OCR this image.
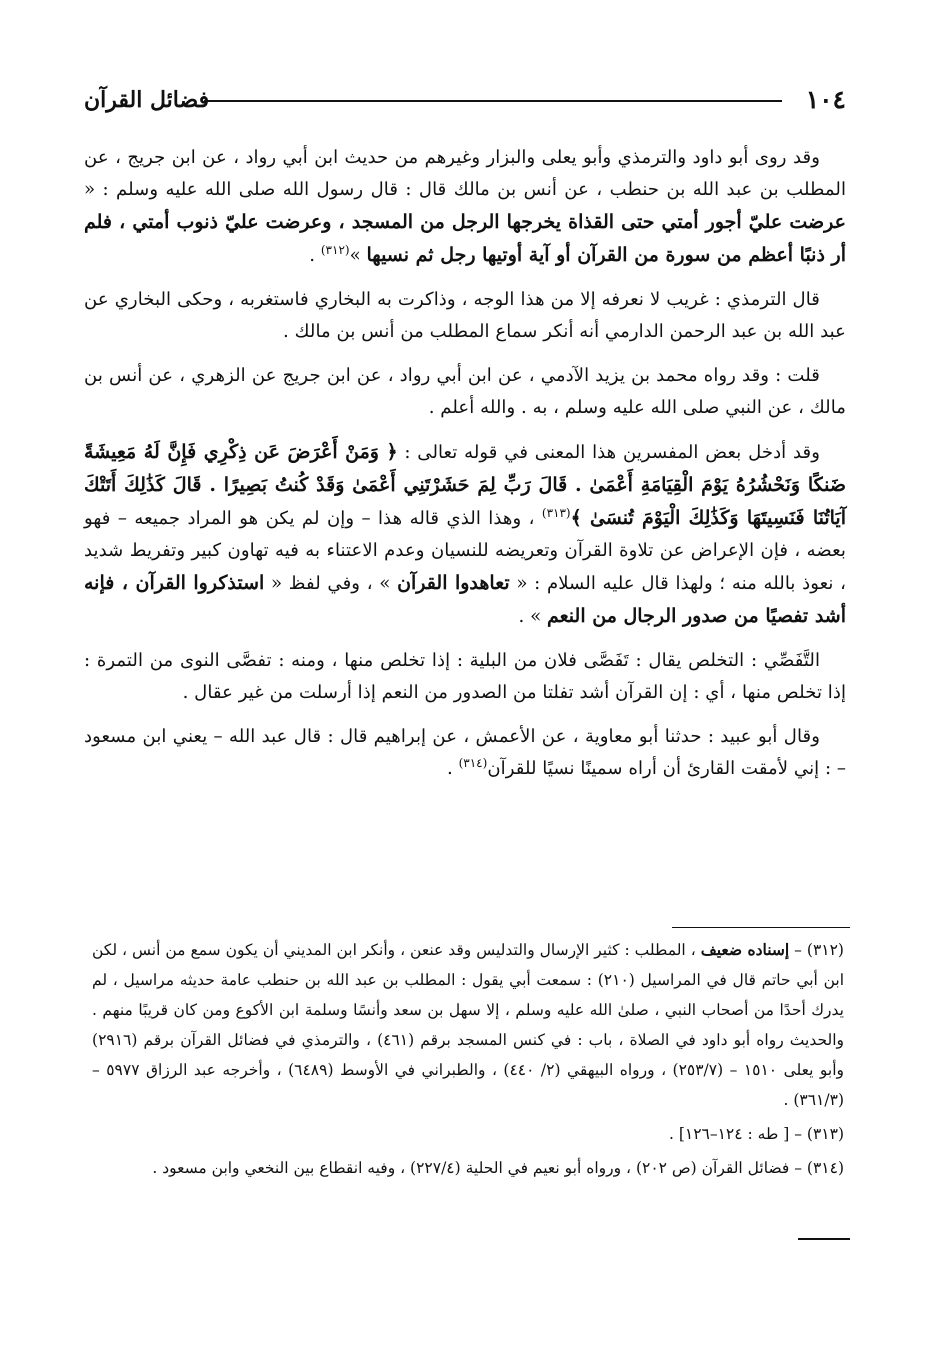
فضائل القرآن	١٠٤

وقد روى أبو داود والترمذي وأبو يعلى والبزار وغيرهم من حديث ابن أبي رواد ، عن ابن جريج ، عن المطلب بن عبد الله بن حنطب ، عن أنس بن مالك قال : قال رسول الله صلى الله عليه وسلم : « عرضت عليّ أجور أمتي حتى القذاة يخرجها الرجل من المسجد ، وعرضت عليّ ذنوب أمتي ، فلم أر ذنبًا أعظم من سورة من القرآن أو آية أوتيها رجل ثم نسيها »$^{(٣١٢)}$ .

قال الترمذي : غريب لا نعرفه إلا من هذا الوجه ، وذاكرت به البخاري فاستغربه ، وحكى البخاري عن عبد الله بن عبد الرحمن الدارمي أنه أنكر سماع المطلب من أنس بن مالك .

قلت : وقد رواه محمد بن يزيد الآدمي ، عن ابن أبي رواد ، عن ابن جريج عن الزهري ، عن أنس بن مالك ، عن النبي صلى الله عليه وسلم ، به . والله أعلم .

وقد أدخل بعض المفسرين هذا المعنى في قوله تعالى : ﴿ وَمَنْ أَعْرَضَ عَن ذِكْرِي فَإِنَّ لَهُ مَعِيشَةً ضَنكًا وَنَحْشُرُهُ يَوْمَ الْقِيَامَةِ أَعْمَىٰ . قَالَ رَبِّ لِمَ حَشَرْتَنِي أَعْمَىٰ وَقَدْ كُنتُ بَصِيرًا . قَالَ كَذَٰلِكَ أَتَتْكَ آيَاتُنَا فَنَسِيتَهَا وَكَذَٰلِكَ الْيَوْمَ تُنسَىٰ ﴾$^{(٣١٣)}$ ، وهذا الذي قاله هذا – وإن لم يكن هو المراد جميعه – فهو بعضه ، فإن الإعراض عن تلاوة القرآن وتعريضه للنسيان وعدم الاعتناء به فيه تهاون كبير وتفريط شديد ، نعوذ بالله منه ؛ ولهذا قال عليه السلام : « تعاهدوا القرآن » ، وفي لفظ « استذكروا القرآن ، فإنه أشد تفصيًا من صدور الرجال من النعم » .

التَّفَصِّي : التخلص يقال : تَفَصَّى فلان من البلية : إذا تخلص منها ، ومنه : تفصَّى النوى من التمرة : إذا تخلص منها ، أي : إن القرآن أشد تفلتا من الصدور من النعم إذا أرسلت من غير عقال .

وقال أبو عبيد : حدثنا أبو معاوية ، عن الأعمش ، عن إبراهيم قال : قال عبد الله – يعني ابن مسعود – : إني لأمقت القارئ أن أراه سمينًا نسيًا للقرآن$^{(٣١٤)}$ .

(٣١٢) – إسناده ضعيف ، المطلب : كثير الإرسال والتدليس وقد عنعن ، وأنكر ابن المديني أن يكون سمع من أنس ، لكن ابن أبي حاتم قال في المراسيل (٢١٠) : سمعت أبي يقول : المطلب بن عبد الله بن حنطب عامة حديثه مراسيل ، لم يدرك أحدًا من أصحاب النبي ، صلىٰ الله عليه وسلم ، إلا سهل بن سعد وأنسًا وسلمة ابن الأكوع ومن كان قريبًا منهم . والحديث رواه أبو داود في الصلاة ، باب : في كنس المسجد برقم (٤٦١) ، والترمذي في فضائل القرآن برقم (٢٩١٦) وأبو يعلى ١٥١٠ – (٢٥٣/٧) ، ورواه البيهقي (٢/ ٤٤٠) ، والطبراني في الأوسط (٦٤٨٩) ، وأخرجه عبد الرزاق ٥٩٧٧ – (٣٦١/٣) .

(٣١٣) – [ طه : ١٢٤–١٢٦] .

(٣١٤) – فضائل القرآن (ص ٢٠٢) ، ورواه أبو نعيم في الحلية (٢٢٧/٤) ، وفيه انقطاع بين النخعي وابن مسعود .
